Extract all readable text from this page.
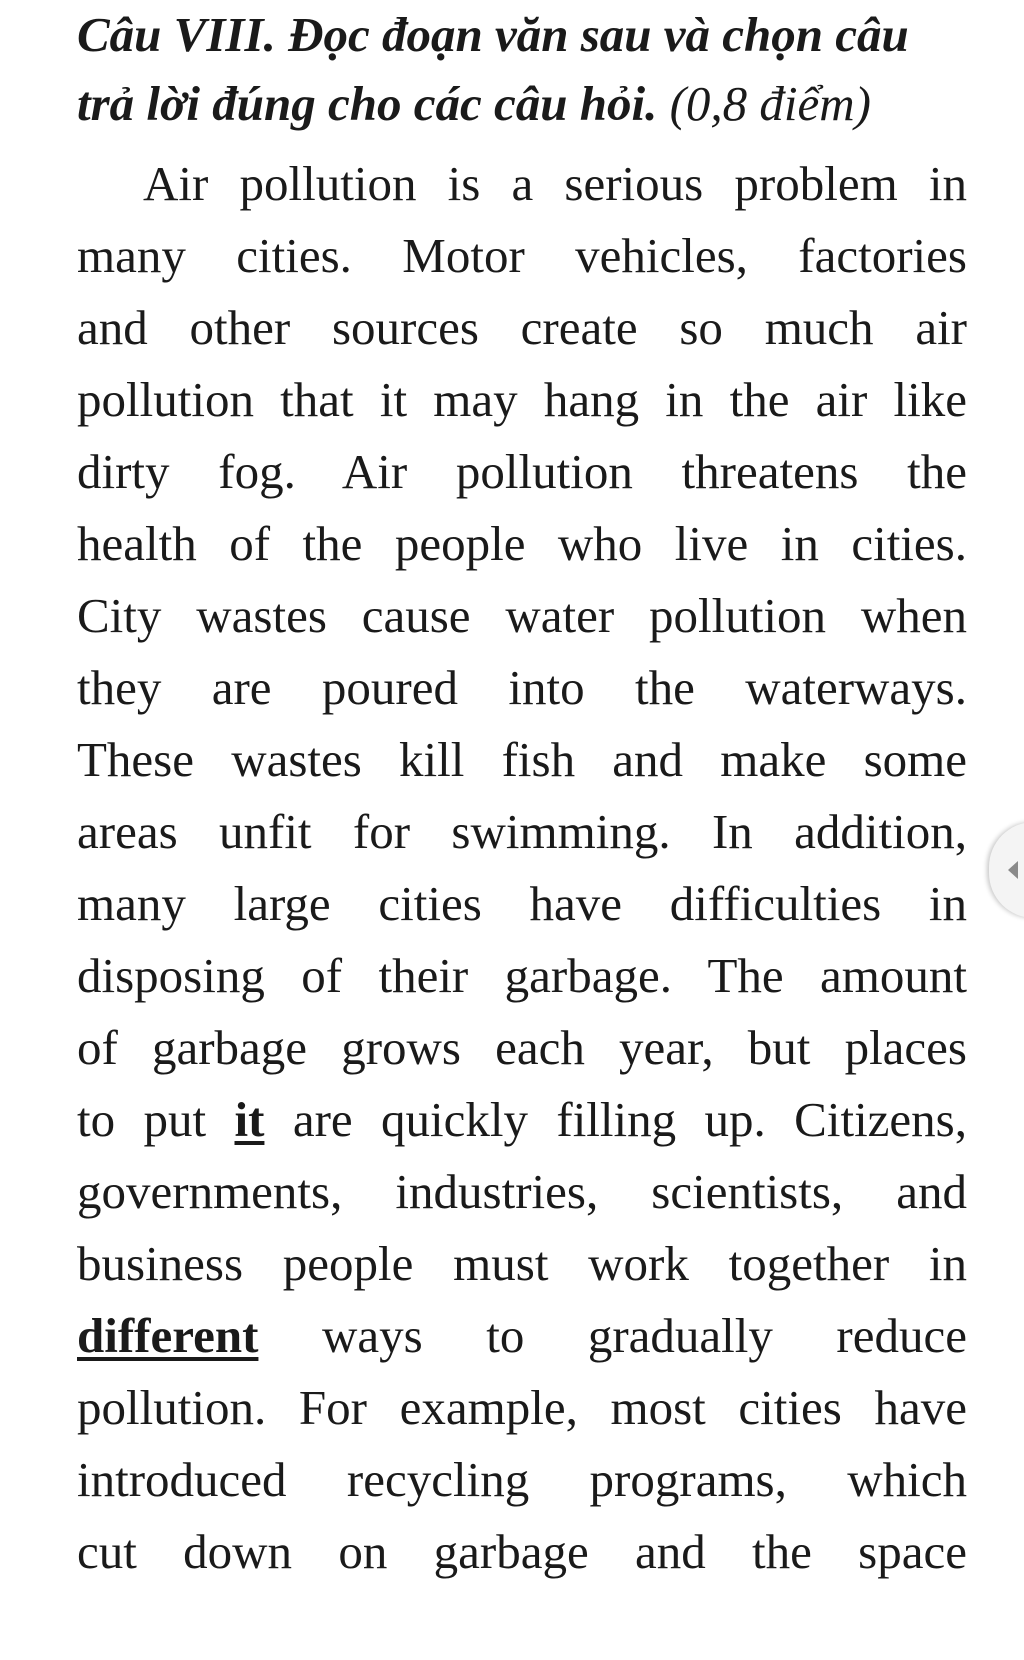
Câu VIII. Đọc đoạn văn sau và chọn câu trả lời đúng cho các câu hỏi. (0,8 điểm)

Air pollution is a serious problem in
many cities. Motor vehicles, factories
and other sources create so much air
pollution that it may hang in the air like
dirty fog. Air pollution threatens the
health of the people who live in cities.
City wastes cause water pollution when
they are poured into the waterways.
These wastes kill fish and make some
areas unfit for swimming. In addition,
many large cities have difficulties in
disposing of their garbage. The amount
of garbage grows each year, but places
to put it are quickly filling up. Citizens,
governments, industries, scientists, and
business people must work together in
different ways to gradually reduce
pollution. For example, most cities have
introduced recycling programs, which
cut down on garbage and the space
